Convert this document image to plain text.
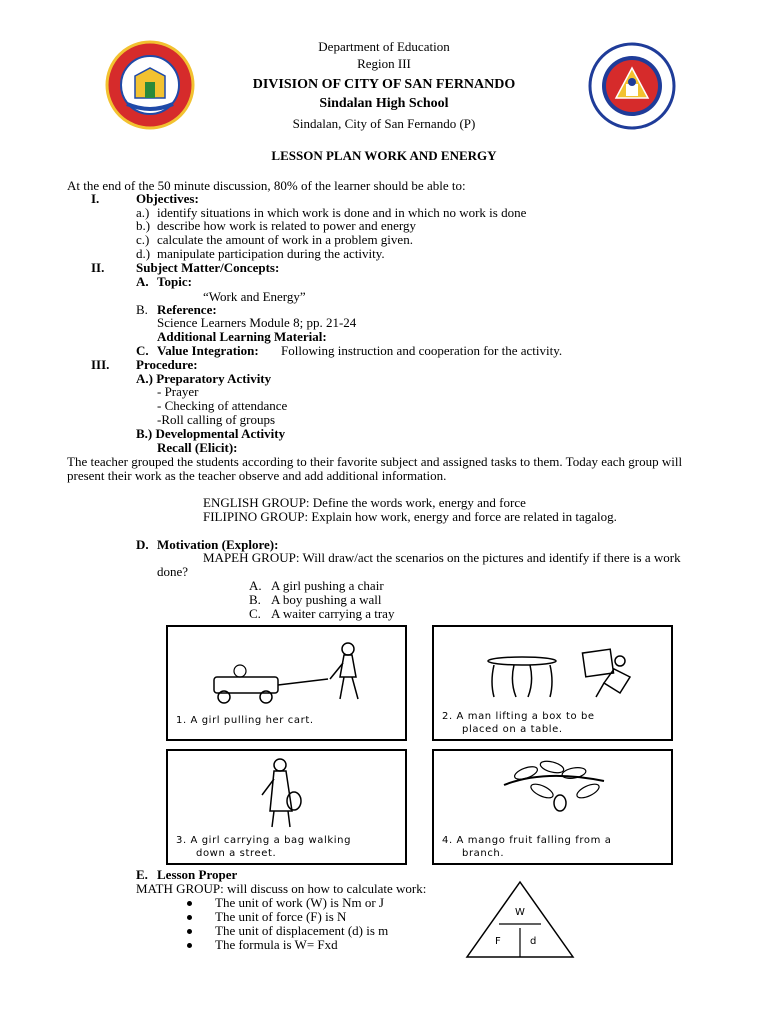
Department of Education
Region III
DIVISION OF CITY OF SAN FERNANDO
Sindalan High School
Sindalan, City of San Fernando (P)
LESSON PLAN WORK AND ENERGY
At the end of the 50 minute discussion, 80% of the learner should be able to:
I.	Objectives:
a.) identify situations in which work is done and in which no work is done
b.) describe how work is related to power and energy
c.) calculate the amount of work in a problem given.
d.) manipulate participation during the activity.
II. Subject Matter/Concepts:
A. Topic:
“Work and Energy”
B. Reference:
Science Learners Module 8; pp. 21-24
Additional Learning Material:
C. Value Integration: Following instruction and cooperation for the activity.
III. Procedure:
A.) Preparatory Activity
- Prayer
- Checking of attendance
-Roll calling of groups
B.) Developmental Activity
Recall (Elicit):
The teacher grouped the students according to their favorite subject and assigned tasks to them. Today each group will
present their work as the teacher observe and add additional information.
ENGLISH GROUP: Define the words work, energy and force
FILIPINO GROUP: Explain how work, energy and force are related in tagalog.
D. Motivation (Explore):
MAPEH GROUP: Will draw/act the scenarios on the pictures and identify if there is a work
done?
A. A girl pushing a chair
B. A boy pushing a wall
C. A waiter carrying a tray
1. A girl pulling her cart.	2. A man lifting a box to be
placed on a table.
3. A girl carrying a bag walking
down a street.
4. A mango fruit falling from a
branch.
E. Lesson Proper
MATH GROUP: will discuss on how to calculate work:
The unit of work (W) is Nm or J
The unit of force (F) is N
The unit of displacement (d) is m
The formula is W= Fxd
W
F	d
